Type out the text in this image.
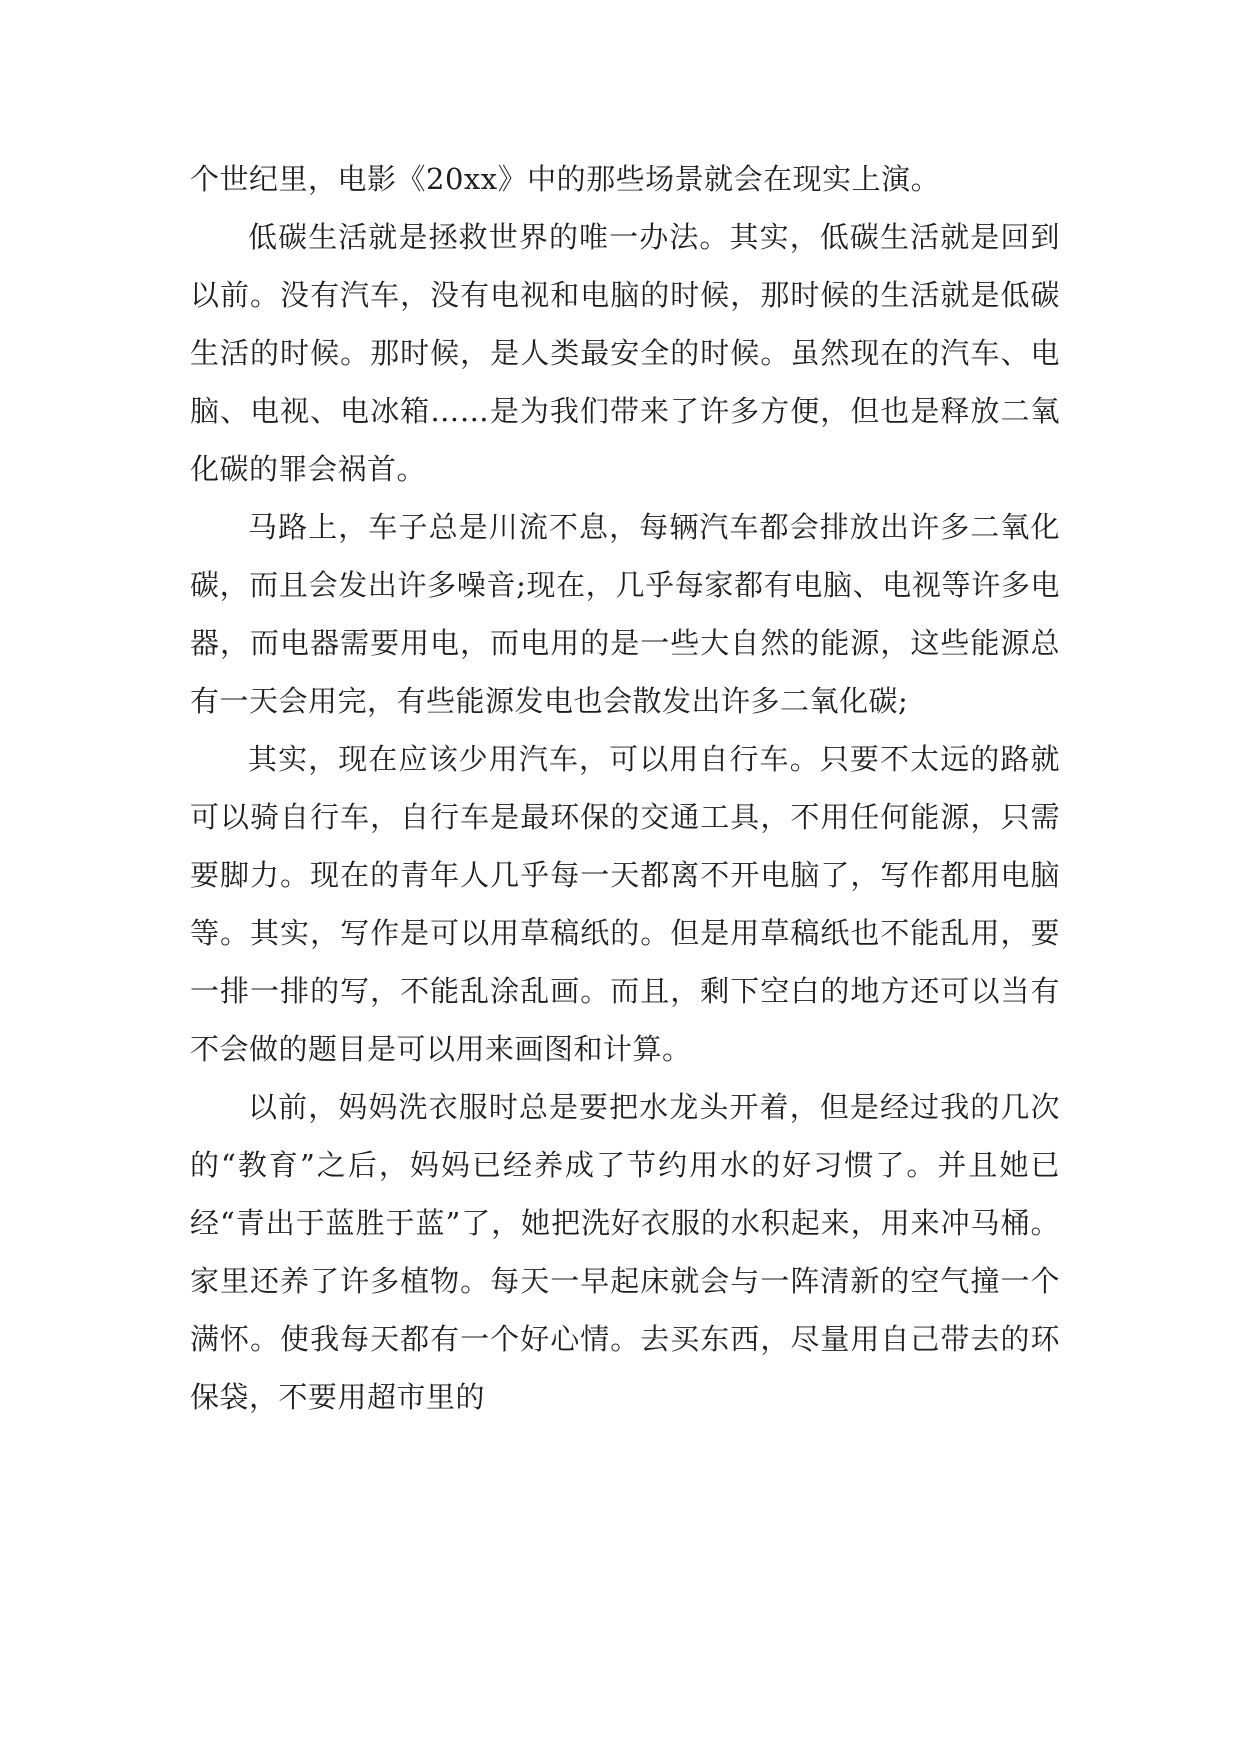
个世纪里，电影《20xx》中的那些场景就会在现实上演。

低碳生活就是拯救世界的唯一办法。其实，低碳生活就是回到以前。没有汽车，没有电视和电脑的时候，那时候的生活就是低碳生活的时候。那时候，是人类最安全的时候。虽然现在的汽车、电脑、电视、电冰箱……是为我们带来了许多方便，但也是释放二氧化碳的罪会祸首。

马路上，车子总是川流不息，每辆汽车都会排放出许多二氧化碳，而且会发出许多噪音;现在，几乎每家都有电脑、电视等许多电器，而电器需要用电，而电用的是一些大自然的能源，这些能源总有一天会用完，有些能源发电也会散发出许多二氧化碳;

其实，现在应该少用汽车，可以用自行车。只要不太远的路就可以骑自行车，自行车是最环保的交通工具，不用任何能源，只需要脚力。现在的青年人几乎每一天都离不开电脑了，写作都用电脑等。其实，写作是可以用草稿纸的。但是用草稿纸也不能乱用，要一排一排的写，不能乱涂乱画。而且，剩下空白的地方还可以当有不会做的题目是可以用来画图和计算。

以前，妈妈洗衣服时总是要把水龙头开着，但是经过我的几次的“教育”之后，妈妈已经养成了节约用水的好习惯了。并且她已经“青出于蓝胜于蓝”了，她把洗好衣服的水积起来，用来冲马桶。家里还养了许多植物。每天一早起床就会与一阵清新的空气撞一个满怀。使我每天都有一个好心情。去买东西，尽量用自己带去的环保袋，不要用超市里的
